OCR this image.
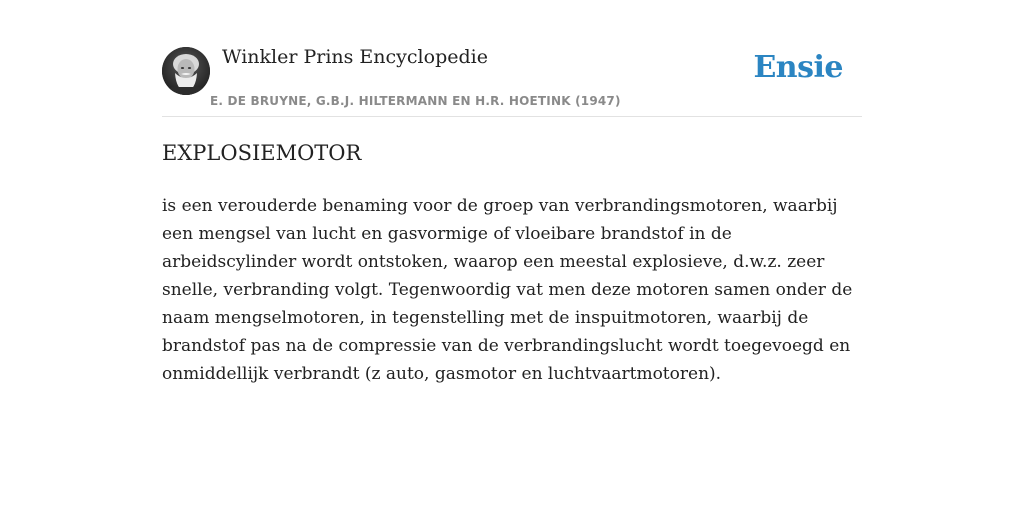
Winkler Prins Encyclopedie
E. DE BRUYNE, G.B.J. HILTERMANN EN H.R. HOETINK (1947)
Ensie
EXPLOSIEMOTOR

is een verouderde benaming voor de groep van verbrandingsmotoren, waarbij een mengsel van lucht en gasvormige of vloeibare brandstof in de arbeidscylinder wordt ontstoken, waarop een meestal explosieve, d.w.z. zeer snelle, verbranding volgt. Tegenwoordig vat men deze motoren samen onder de naam mengselmotoren, in tegenstelling met de inspuitmotoren, waarbij de brandstof pas na de compressie van de verbrandingslucht wordt toegevoegd en onmiddellijk verbrandt (z auto, gasmotor en luchtvaartmotoren).
